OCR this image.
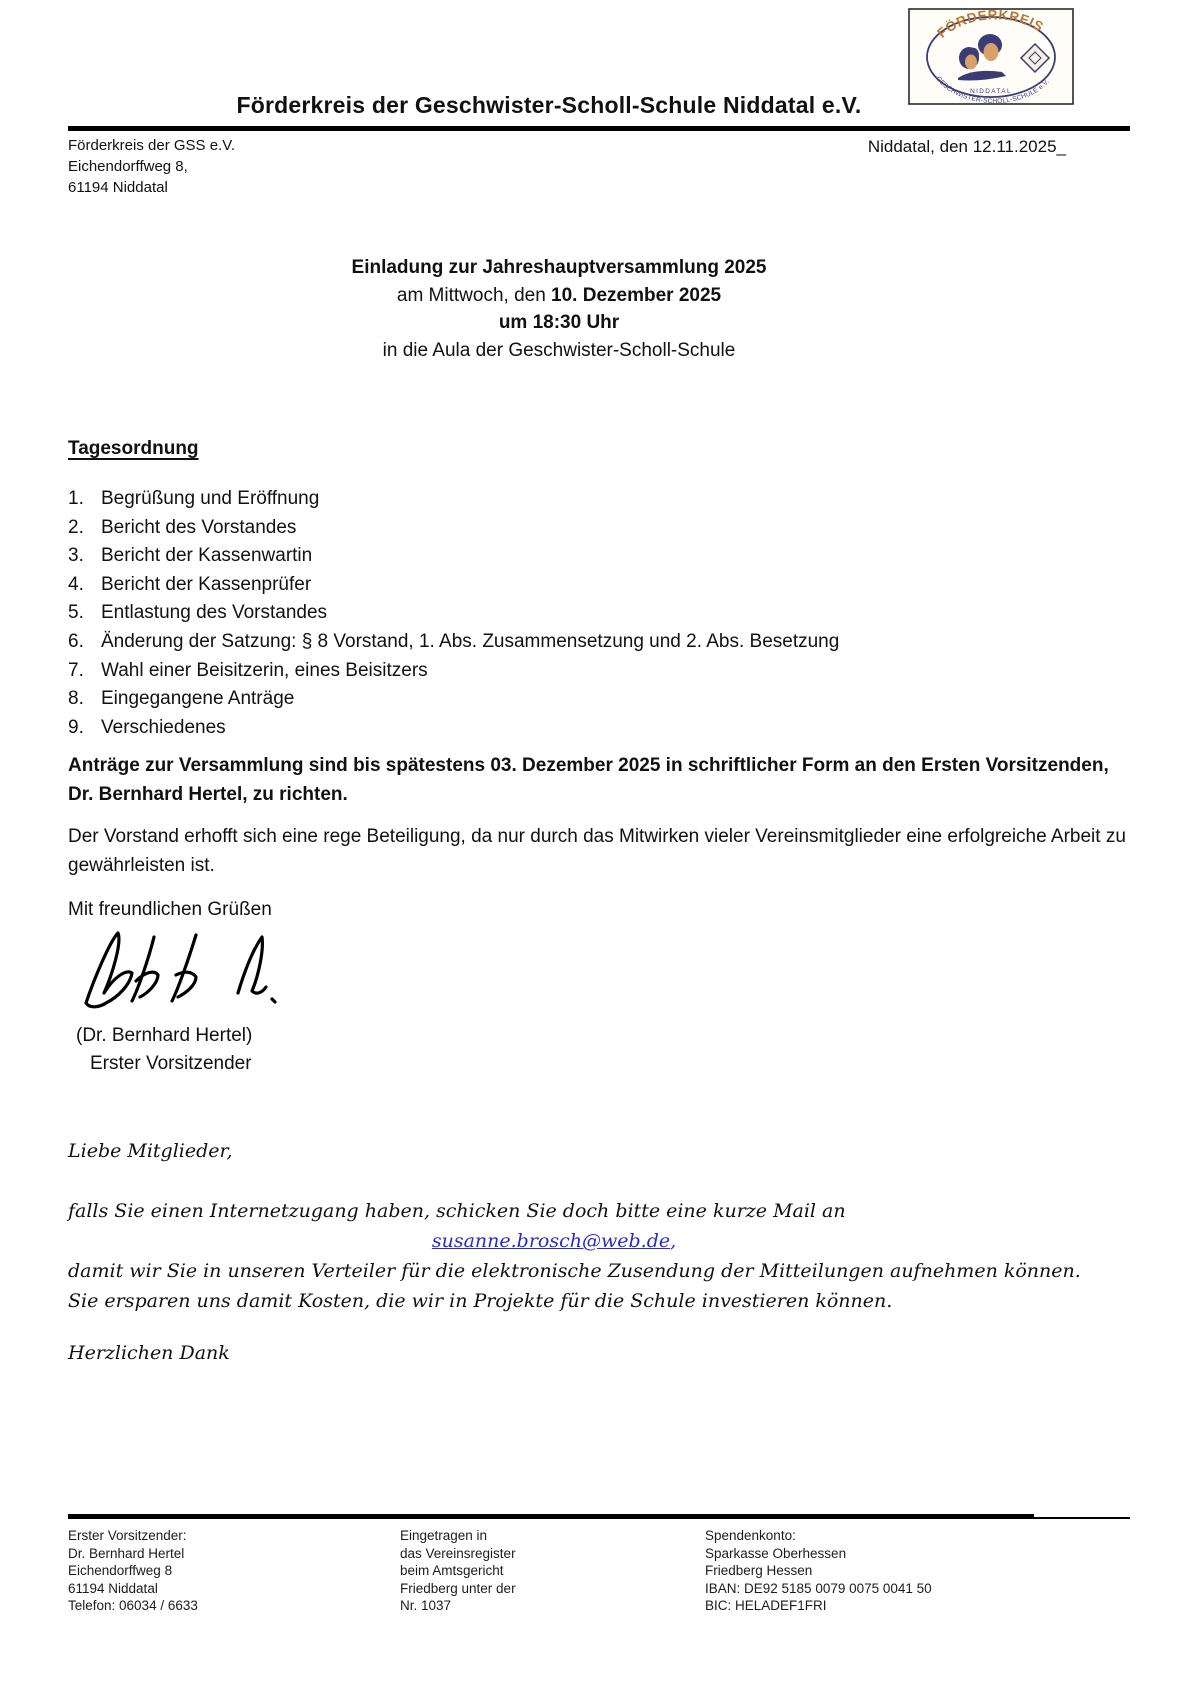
FÖRDERKREIS
GESCHWISTER-SCHOLL-SCHULE e.V.
NIDDATAL
Förderkreis der Geschwister-Scholl-Schule Niddatal e.V.
Förderkreis der GSS e.V.
Eichendorffweg 8,
61194 Niddatal
Niddatal, den 12.11.2025_
Einladung zur Jahreshauptversammlung 2025
am Mittwoch, den 10. Dezember 2025
um 18:30 Uhr
in die Aula der Geschwister-Scholl-Schule
Tagesordnung
Begrüßung und Eröffnung
Bericht des Vorstandes
Bericht der Kassenwartin
Bericht der Kassenprüfer
Entlastung des Vorstandes
Änderung der Satzung: § 8 Vorstand, 1. Abs. Zusammensetzung und 2. Abs. Besetzung
Wahl einer Beisitzerin, eines Beisitzers
Eingegangene Anträge
Verschiedenes

Anträge zur Versammlung sind bis spätestens 03. Dezember 2025 in schriftlicher Form an den Ersten Vorsitzenden, Dr. Bernhard Hertel, zu richten.

Der Vorstand erhofft sich eine rege Beteiligung, da nur durch das Mitwirken vieler Vereinsmitglieder eine erfolgreiche Arbeit zu gewährleisten ist.

Mit freundlichen Grüßen

(Dr. Bernhard Hertel)
Erster Vorsitzender
Liebe Mitglieder,
falls Sie einen Internetzugang haben, schicken Sie doch bitte eine kurze Mail an
susanne.brosch@web.de,
damit wir Sie in unseren Verteiler für die elektronische Zusendung der Mitteilungen aufnehmen können.
Sie ersparen uns damit Kosten, die wir in Projekte für die Schule investieren können.
Herzlichen Dank
Erster Vorsitzender:
Dr. Bernhard Hertel
Eichendorffweg 8
61194 Niddatal
Telefon: 06034 / 6633
Eingetragen in
das Vereinsregister
beim Amtsgericht
Friedberg unter der
Nr. 1037
Spendenkonto:
Sparkasse Oberhessen
Friedberg Hessen
IBAN: DE92 5185 0079 0075 0041 50
BIC: HELADEF1FRI
